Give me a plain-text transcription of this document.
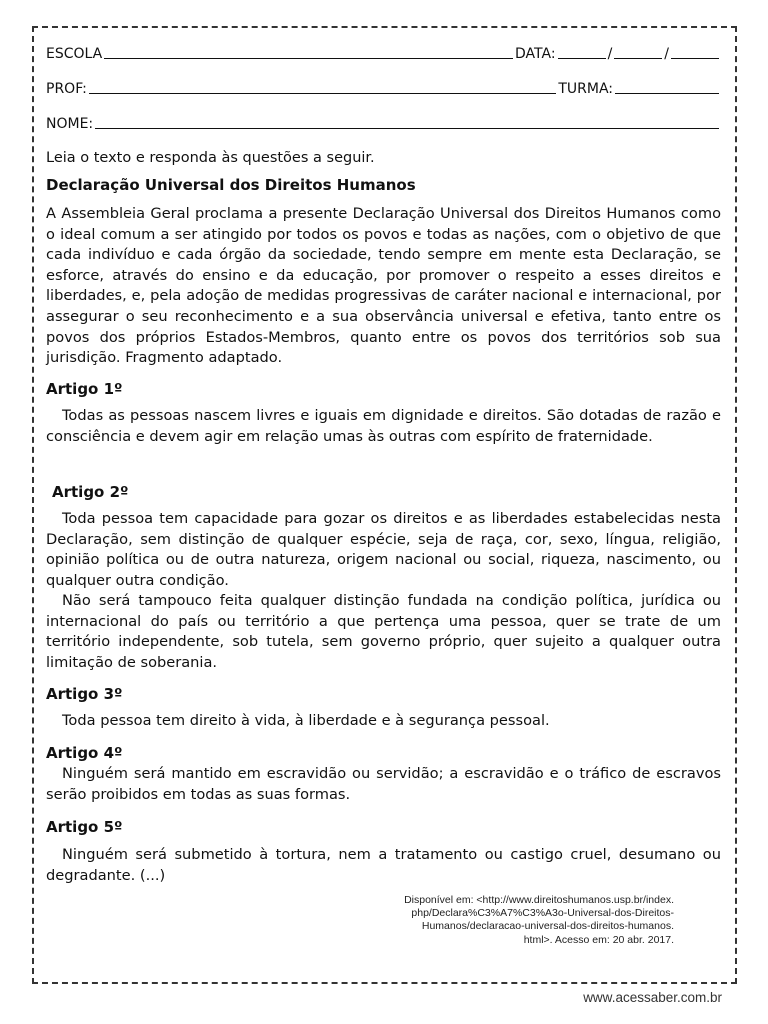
ESCOLA	DATA:	/	/
PROF:	TURMA:
NOME:
Leia o texto e responda às questões a seguir.
Declaração Universal dos Direitos Humanos

A Assembleia Geral proclama a presente Declaração Universal dos Direitos Humanos como o ideal comum a ser atingido por todos os povos e todas as nações, com o objetivo de que cada indivíduo e cada órgão da sociedade, tendo sempre em mente esta Declaração, se esforce, através do ensino e da educação, por promover o respeito a esses direitos e liberdades, e, pela adoção de medidas progressivas de caráter nacional e internacional, por assegurar o seu reconhecimento e a sua observância universal e efetiva, tanto entre os povos dos próprios Estados-Membros, quanto entre os povos dos territórios sob sua jurisdição. Fragmento adaptado.

Artigo 1º

Todas as pessoas nascem livres e iguais em dignidade e direitos. São dotadas de razão e consciência e devem agir em relação umas às outras com espírito de fraternidade.

Artigo 2º

Toda pessoa tem capacidade para gozar os direitos e as liberdades estabelecidas nesta Declaração, sem distinção de qualquer espécie, seja de raça, cor, sexo, língua, religião, opinião política ou de outra natureza, origem nacional ou social, riqueza, nascimento, ou qualquer outra condição.

Não será tampouco feita qualquer distinção fundada na condição política, jurídica ou internacional do país ou território a que pertença uma pessoa, quer se trate de um território independente, sob tutela, sem governo próprio, quer sujeito a qualquer outra limitação de soberania.

Artigo 3º

Toda pessoa tem direito à vida, à liberdade e à segurança pessoal.

Artigo 4º

Ninguém será mantido em escravidão ou servidão; a escravidão e o tráfico de escravos serão proibidos em todas as suas formas.

Artigo 5º

Ninguém será submetido à tortura, nem a tratamento ou castigo cruel, desumano ou degradante. (...)

Disponível em: <http://www.direitoshumanos.usp.br/index.
php/Declara%C3%A7%C3%A3o-Universal-dos-Direitos-
Humanos/declaracao-universal-dos-direitos-humanos.
html>. Acesso em: 20 abr. 2017.
www.acessaber.com.br
